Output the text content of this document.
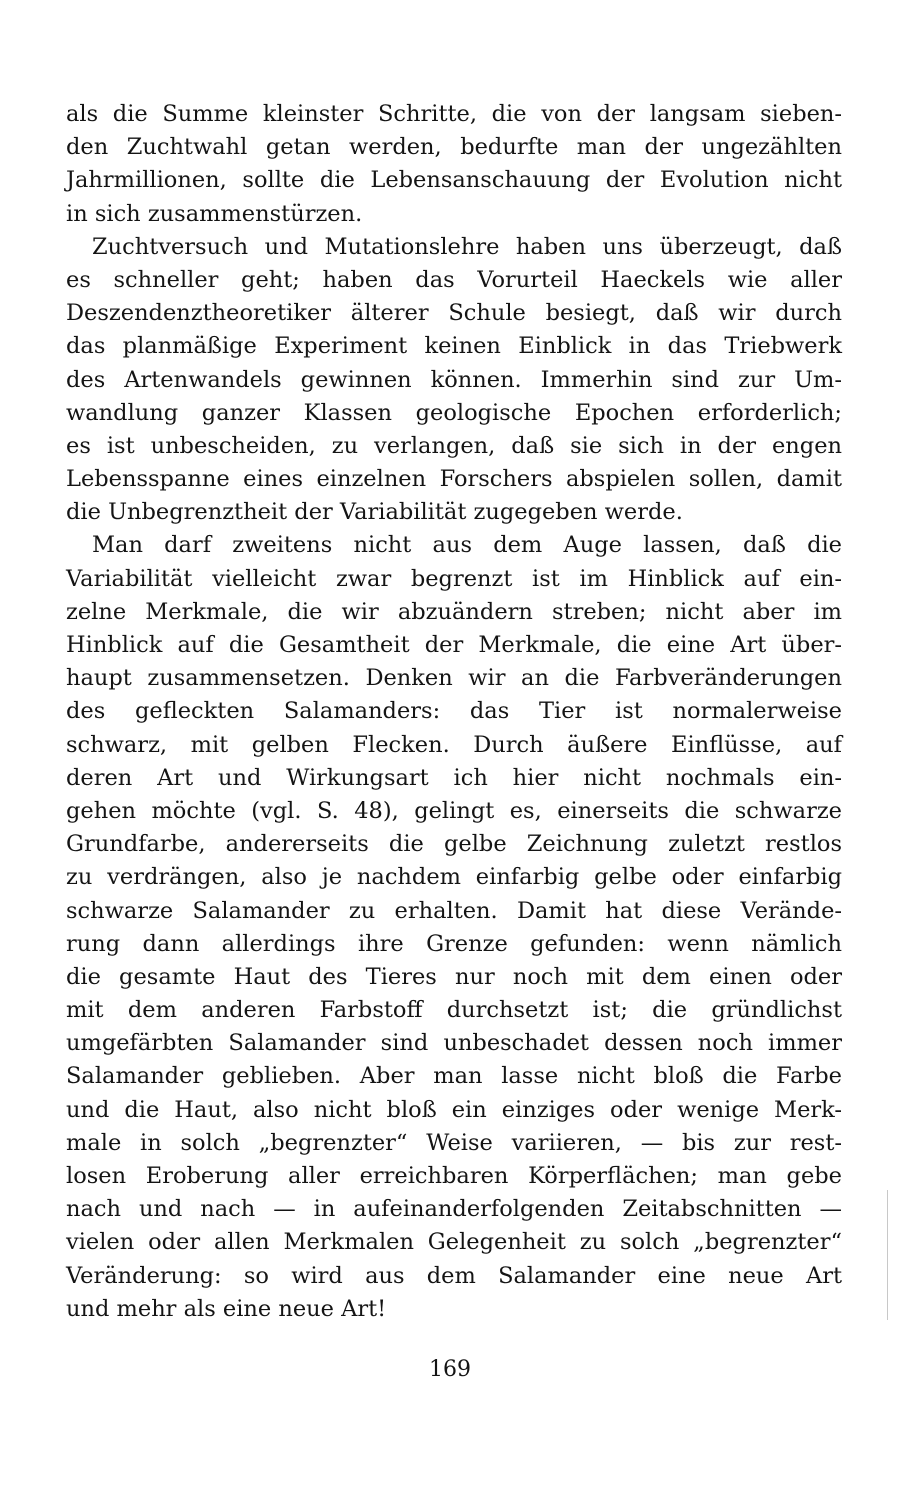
als die Summe kleinster Schritte, die von der langsam sieben-
den Zuchtwahl getan werden, bedurfte man der ungezählten
Jahrmillionen, sollte die Lebensanschauung der Evolution nicht
in sich zusammenstürzen.
Zuchtversuch und Mutationslehre haben uns überzeugt, daß
es schneller geht; haben das Vorurteil Haeckels wie aller
Deszendenztheoretiker älterer Schule besiegt, daß wir durch
das planmäßige Experiment keinen Einblick in das Triebwerk
des Artenwandels gewinnen können. Immerhin sind zur Um-
wandlung ganzer Klassen geologische Epochen erforderlich;
es ist unbescheiden, zu verlangen, daß sie sich in der engen
Lebensspanne eines einzelnen Forschers abspielen sollen, damit
die Unbegrenztheit der Variabilität zugegeben werde.
Man darf zweitens nicht aus dem Auge lassen, daß die
Variabilität vielleicht zwar begrenzt ist im Hinblick auf ein-
zelne Merkmale, die wir abzuändern streben; nicht aber im
Hinblick auf die Gesamtheit der Merkmale, die eine Art über-
haupt zusammensetzen. Denken wir an die Farbveränderungen
des gefleckten Salamanders: das Tier ist normalerweise
schwarz, mit gelben Flecken. Durch äußere Einflüsse, auf
deren Art und Wirkungsart ich hier nicht nochmals ein-
gehen möchte (vgl. S. 48), gelingt es, einerseits die schwarze
Grundfarbe, andererseits die gelbe Zeichnung zuletzt restlos
zu verdrängen, also je nachdem einfarbig gelbe oder einfarbig
schwarze Salamander zu erhalten. Damit hat diese Verände-
rung dann allerdings ihre Grenze gefunden: wenn nämlich
die gesamte Haut des Tieres nur noch mit dem einen oder
mit dem anderen Farbstoff durchsetzt ist; die gründlichst
umgefärbten Salamander sind unbeschadet dessen noch immer
Salamander geblieben. Aber man lasse nicht bloß die Farbe
und die Haut, also nicht bloß ein einziges oder wenige Merk-
male in solch „begrenzter“ Weise variieren, — bis zur rest-
losen Eroberung aller erreichbaren Körperflächen; man gebe
nach und nach — in aufeinanderfolgenden Zeitabschnitten —
vielen oder allen Merkmalen Gelegenheit zu solch „begrenzter“
Veränderung: so wird aus dem Salamander eine neue Art
und mehr als eine neue Art!
169
